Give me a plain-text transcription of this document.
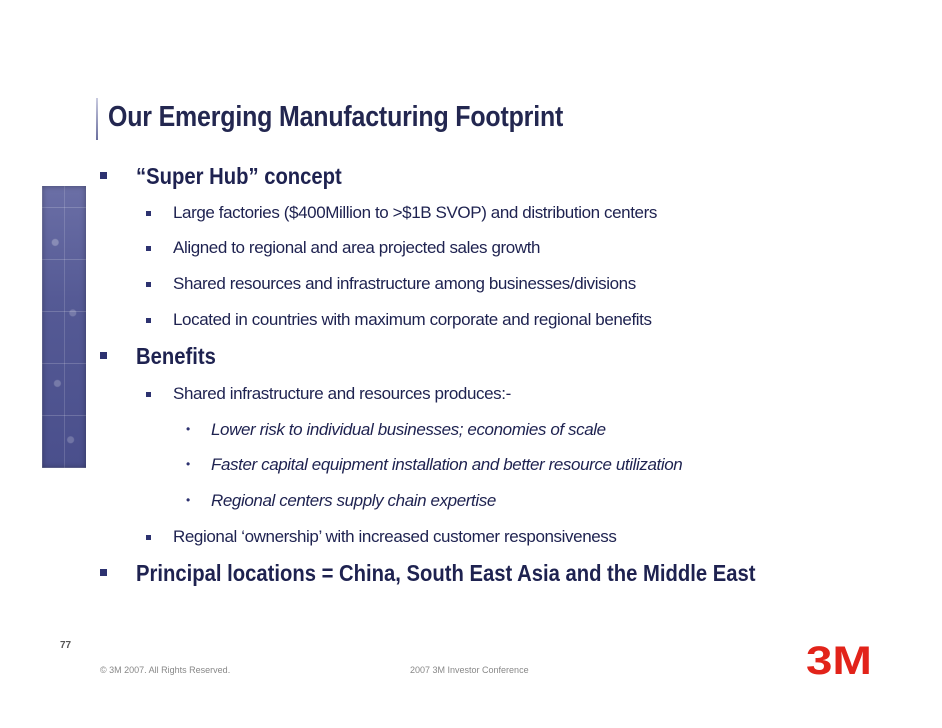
Our Emerging Manufacturing Footprint
“Super Hub” concept
Large factories ($400Million to >$1B SVOP) and distribution centers
Aligned to regional and area projected sales growth
Shared resources and infrastructure among businesses/divisions
Located in countries with maximum corporate and regional benefits
Benefits
Shared infrastructure and resources produces:-
• Lower risk to individual businesses; economies of scale
• Faster capital equipment installation and better resource utilization
• Regional centers supply chain expertise
Regional ‘ownership’ with increased customer responsiveness
Principal locations = China, South East Asia and the Middle East
77
© 3M 2007. All Rights Reserved.	2007 3M Investor Conference	3M
